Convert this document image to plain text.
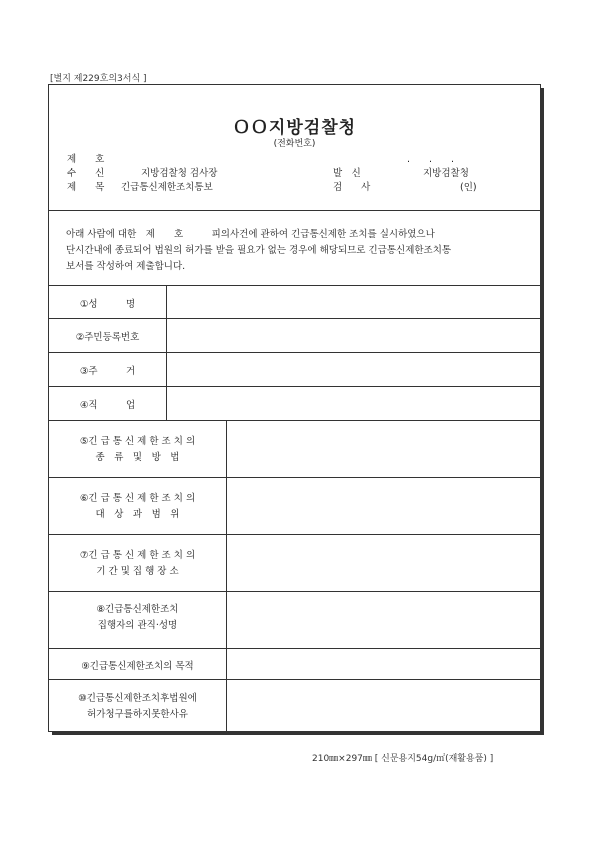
[별지 제229호의3서식 ]
ＯＯ지방검찰청
(전화번호)
제　　호	.　　.　　.
수　　신	지방검찰청 검사장	발　신	지방검찰청
제　　목 긴급통신제한조치통보	검　　사	(인)
아래 사람에 대한　제　　호　　　피의사건에 관하여 긴급통신제한 조치를 실시하였으나
단시간내에 종료되어 법원의 허가를 받을 필요가 없는 경우에 해당되므로 긴급통신제한조치통
보서를 작성하여 제출합니다.
①성　　　명
②주민등록번호
③주　　　거
④직　　　업
⑤긴 급 통 신 제 한 조 치 의
종　류　및　방　법
⑥긴 급 통 신 제 한 조 치 의
대　상　과　범　위
⑦긴 급 통 신 제 한 조 치 의
기 간 및 집 행 장 소
⑧긴급통신제한조치
집행자의 관직·성명
⑨긴급통신제한조치의 목적
⑩긴급통신제한조치후법원에
허가청구를하지못한사유
210㎜×297㎜ [ 신문용지54g/㎡(재활용품) ]
